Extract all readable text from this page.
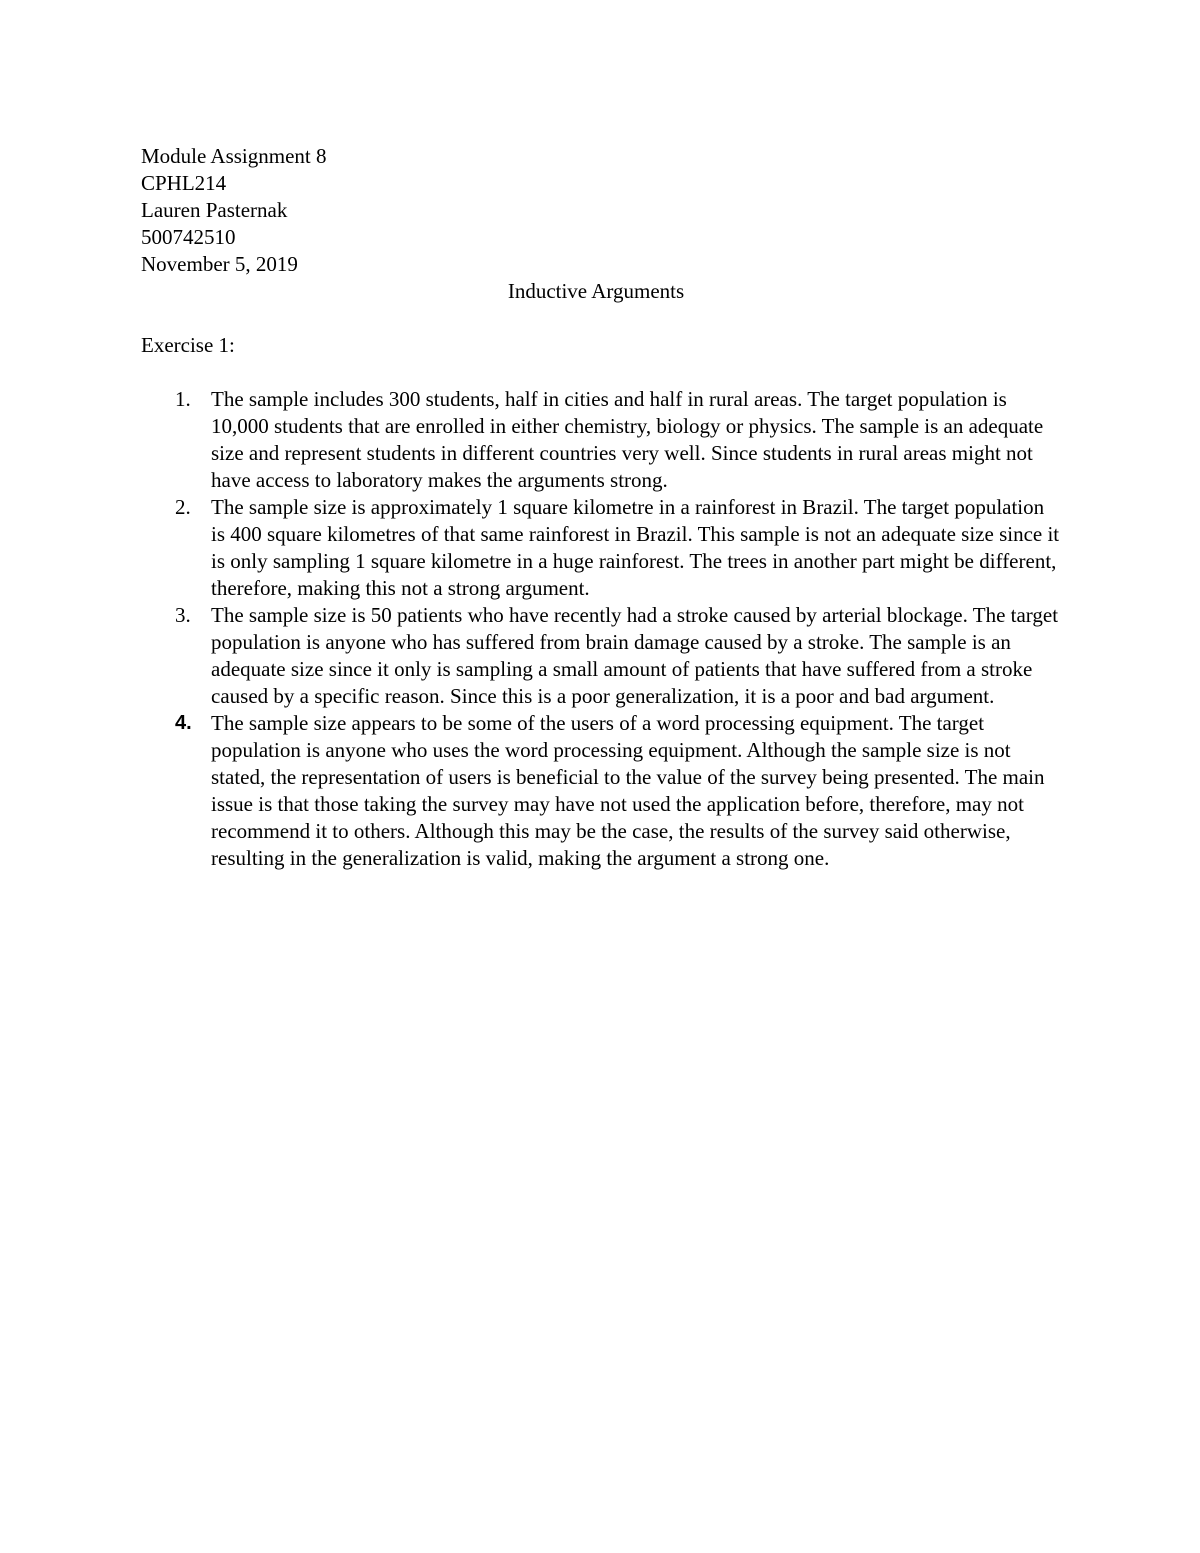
Module Assignment 8
CPHL214
Lauren Pasternak
500742510
November 5, 2019
Inductive Arguments
Exercise 1:
1. The sample includes 300 students, half in cities and half in rural areas. The target population is 10,000 students that are enrolled in either chemistry, biology or physics. The sample is an adequate size and represent students in different countries very well. Since students in rural areas might not have access to laboratory makes the arguments strong.
2. The sample size is approximately 1 square kilometre in a rainforest in Brazil. The target population is 400 square kilometres of that same rainforest in Brazil. This sample is not an adequate size since it is only sampling 1 square kilometre in a huge rainforest. The trees in another part might be different, therefore, making this not a strong argument.
3. The sample size is 50 patients who have recently had a stroke caused by arterial blockage. The target population is anyone who has suffered from brain damage caused by a stroke. The sample is an adequate size since it only is sampling a small amount of patients that have suffered from a stroke caused by a specific reason. Since this is a poor generalization, it is a poor and bad argument.
4. The sample size appears to be some of the users of a word processing equipment. The target population is anyone who uses the word processing equipment. Although the sample size is not stated, the representation of users is beneficial to the value of the survey being presented. The main issue is that those taking the survey may have not used the application before, therefore, may not recommend it to others. Although this may be the case, the results of the survey said otherwise, resulting in the generalization is valid, making the argument a strong one.
